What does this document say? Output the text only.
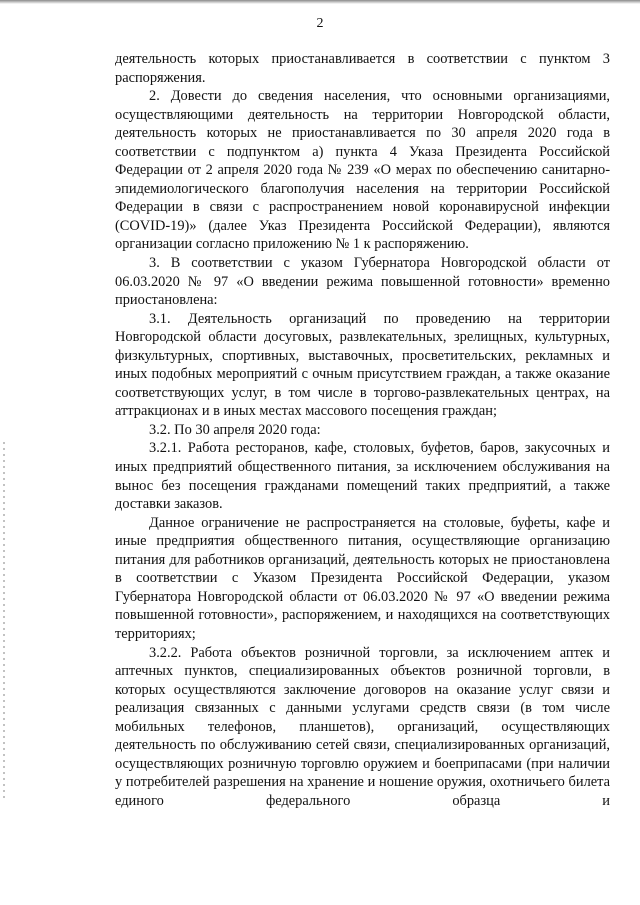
2

деятельность которых приостанавливается в соответствии с пунктом 3 распоряжения.

2. Довести до сведения населения, что основными организациями, осуществляющими деятельность на территории Новгородской области, деятельность которых не приостанавливается по 30 апреля 2020 года в соответствии с подпунктом а) пункта 4 Указа Президента Российской Федерации от 2 апреля 2020 года № 239 «О мерах по обеспечению санитарно-эпидемиологического благополучия населения на территории Российской Федерации в связи с распространением новой коронавирусной инфекции (COVID-19)» (далее Указ Президента Российской Федерации), являются организации согласно приложению № 1 к распоряжению.

3. В соответствии с указом Губернатора Новгородской области от 06.03.2020 № 97 «О введении режима повышенной готовности» временно приостановлена:

3.1. Деятельность организаций по проведению на территории Новгородской области досуговых, развлекательных, зрелищных, культурных, физкультурных, спортивных, выставочных, просветительских, рекламных и иных подобных мероприятий с очным присутствием граждан, а также оказание соответствующих услуг, в том числе в торгово-развлекательных центрах, на аттракционах и в иных местах массового посещения граждан;

3.2. По 30 апреля 2020 года:

3.2.1. Работа ресторанов, кафе, столовых, буфетов, баров, закусочных и иных предприятий общественного питания, за исключением обслуживания на вынос без посещения гражданами помещений таких предприятий, а также доставки заказов.

Данное ограничение не распространяется на столовые, буфеты, кафе и иные предприятия общественного питания, осуществляющие организацию питания для работников организаций, деятельность которых не приостановлена в соответствии с Указом Президента Российской Федерации, указом Губернатора Новгородской области от 06.03.2020 № 97 «О введении режима повышенной готовности», распоряжением, и находящихся на соответствующих территориях;

3.2.2. Работа объектов розничной торговли, за исключением аптек и аптечных пунктов, специализированных объектов розничной торговли, в которых осуществляются заключение договоров на оказание услуг связи и реализация связанных с данными услугами средств связи (в том числе мобильных телефонов, планшетов), организаций, осуществляющих деятельность по обслуживанию сетей связи, специализированных организаций, осуществляющих розничную торговлю оружием и боеприпасами (при наличии у потребителей разрешения на хранение и ношение оружия, охотничьего билета единого федерального образца и
